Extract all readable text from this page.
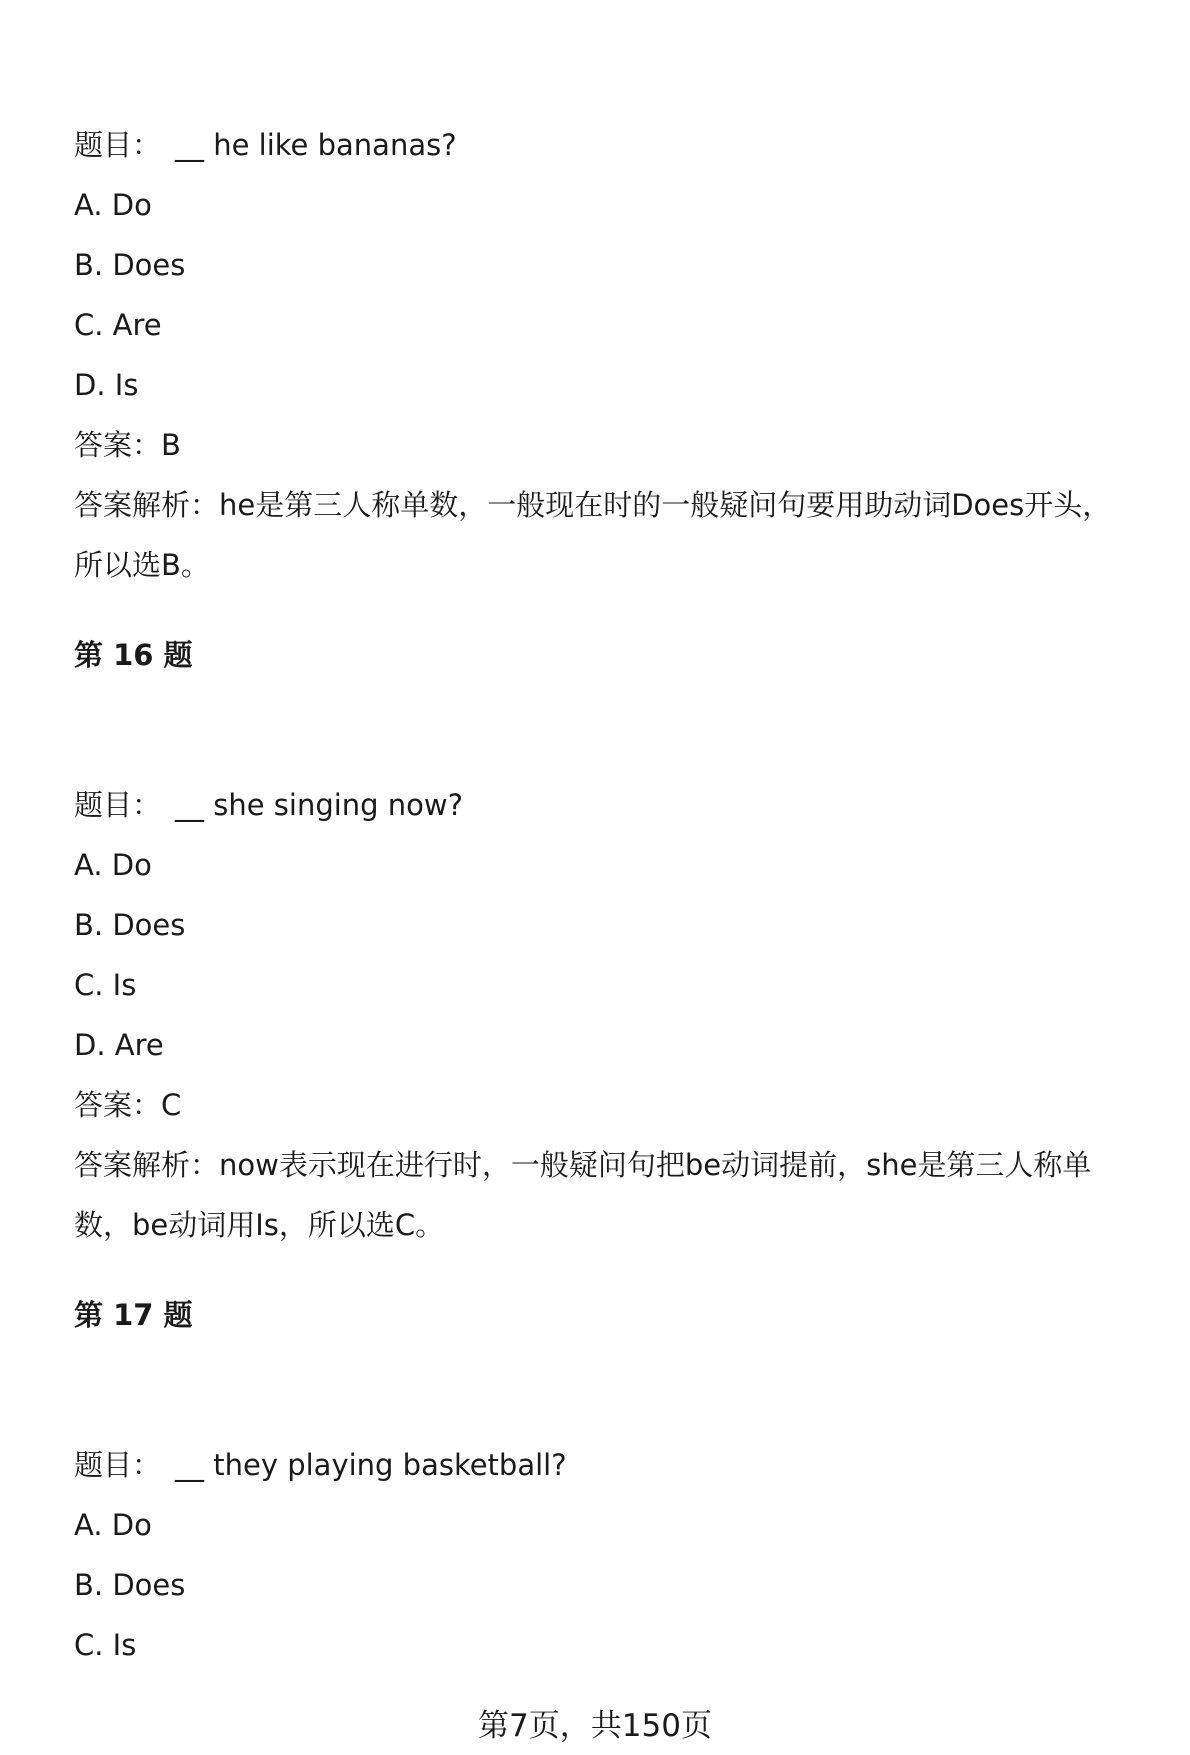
题目： __ he like bananas?
A. Do
B. Does
C. Are
D. Is
答案：B
答案解析：he是第三人称单数，一般现在时的一般疑问句要用助动词Does开头，所以选B。
第 16 题
题目： __ she singing now?
A. Do
B. Does
C. Is
D. Are
答案：C
答案解析：now表示现在进行时，一般疑问句把be动词提前，she是第三人称单数，be动词用Is，所以选C。
第 17 题
题目： __ they playing basketball?
A. Do
B. Does
C. Is
第7页，共150页
